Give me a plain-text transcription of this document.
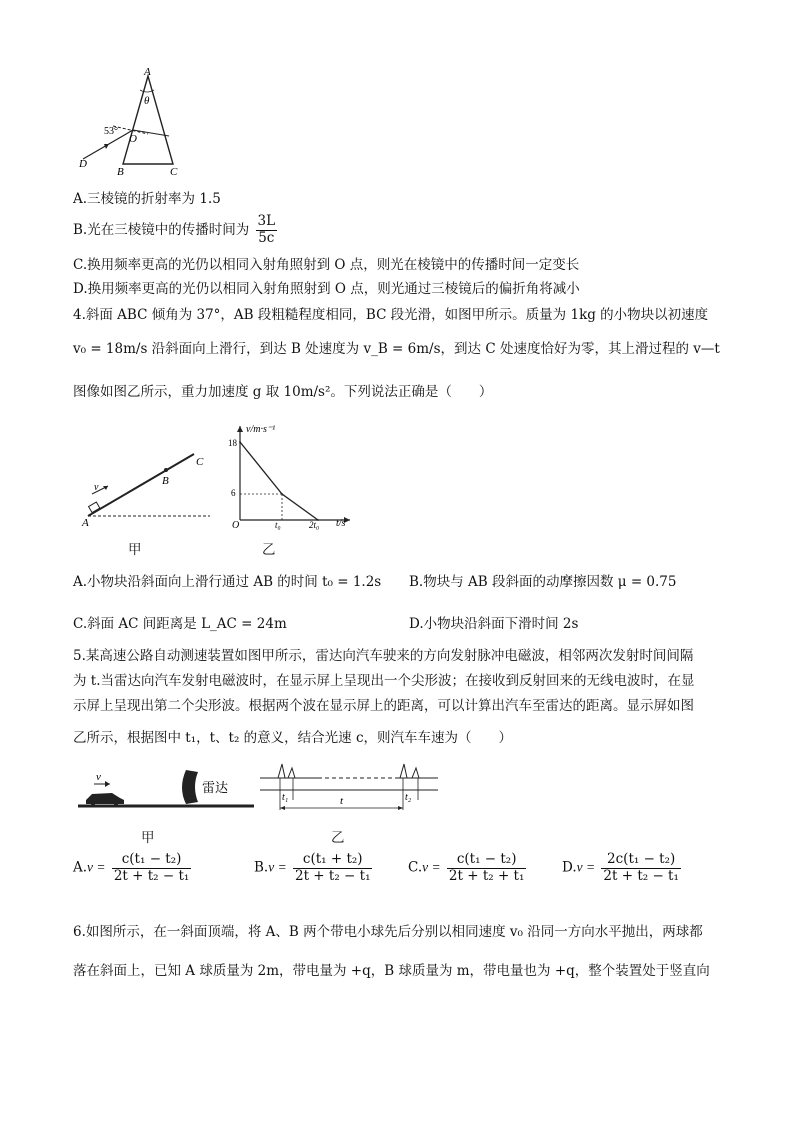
A
θ
O
53°
D
B	C
A.三棱镜的折射率为 1.5
B.光在三棱镜中的传播时间为 $\frac{3L}{5c}$
C.换用频率更高的光仍以相同入射角照射到 O 点，则光在棱镜中的传播时间一定变长
D.换用频率更高的光仍以相同入射角照射到 O 点，则光通过三棱镜后的偏折角将减小
4.斜面 ABC 倾角为 37°，AB 段粗糙程度相同，BC 段光滑，如图甲所示。质量为 1kg 的小物块以初速度
v₀ = 18m/s 沿斜面向上滑行，到达 B 处速度为 v_B = 6m/s，到达 C 处速度恰好为零，其上滑过程的 v—t
图像如图乙所示，重力加速度 g 取 10m/s²。下列说法正确是（　　）
v
A
B
C
v/m·s⁻¹
t/s
18
6
O	t₀	2t₀
甲	乙
A.小物块沿斜面向上滑行通过 AB 的时间 t₀ = 1.2s B.物块与 AB 段斜面的动摩擦因数 μ = 0.75
C.斜面 AC 间距离是 L_AC = 24m	D.小物块沿斜面下滑时间 2s
5.某高速公路自动测速装置如图甲所示，雷达向汽车驶来的方向发射脉冲电磁波，相邻两次发射时间间隔
为 t.当雷达向汽车发射电磁波时，在显示屏上呈现出一个尖形波；在接收到反射回来的无线电波时，在显
示屏上呈现出第二个尖形波。根据两个波在显示屏上的距离，可以计算出汽车至雷达的距离。显示屏如图
乙所示，根据图中 t₁，t、t₂ 的意义，结合光速 c，则汽车车速为（　　）
v
雷达
t₁	t₂
t
甲	乙
$A.v = \frac{\text{c(t₁ − t₂)}}{\text{2t + t₂ − t₁}}$	$B.v = \frac{\text{c(t₁ + t₂)}}{\text{2t + t₂ − t₁}}$	$C.v = \frac{\text{c(t₁ − t₂)}}{\text{2t + t₂ + t₁}}$	$D.v = \frac{\text{2c(t₁ − t₂)}}{\text{2t + t₂ − t₁}}$
6.如图所示，在一斜面顶端，将 A、B 两个带电小球先后分别以相同速度 v₀ 沿同一方向水平抛出，两球都
落在斜面上，已知 A 球质量为 2m，带电量为 +q，B 球质量为 m，带电量也为 +q，整个装置处于竖直向
